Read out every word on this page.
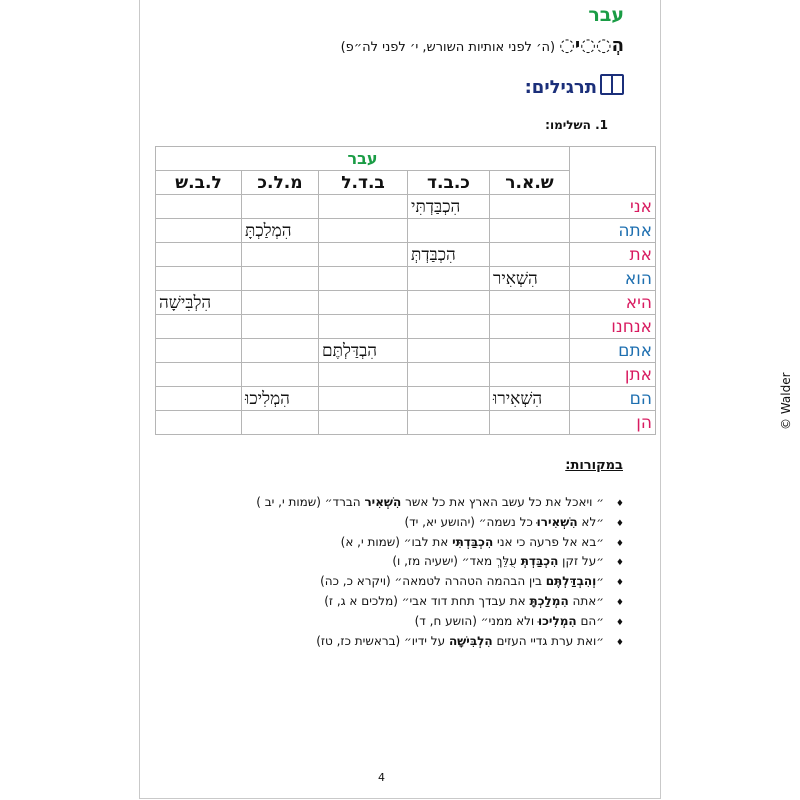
עבר
הְ◌◌י◌ (ה׳ לפני אותיות השורש, י׳ לפני לה״פ)
תרגילים:
1. השלימו:
	עבר				
	ש.א.ר	כ.ב.ד	ב.ד.ל	מ.ל.כ	ל.ב.ש
אני		הִכְבַּדְתִּי			
אתה				הִמְלַכְתָּ	
את		הִכְבַּדְתְּ			
הוא	הִשְׁאִיר				
היא					הִלְבִּישָׁה
אנחנו					
אתם			הִבְדַּלְתֶּם		
אתן					
הם	הִשְׁאִירוּ			הִמְלִיכוּ	
הן					
במקורות:
♦״ ויאכל את כל עשב הארץ את כל אשר הִשְׁאִיר הברד״ (שמות י, יב )
♦״לא הִשְׁאִירוּ כל נשמה״ (יהושע יא, יד)
♦״בא אל פרעה כי אני הִכְבַּדְתִּי את לבו״ (שמות י, א)
♦״על זקן הִכְבַּדְתְּ עֻלֵּךְ מאד״ (ישעיה מז, ו)
♦״וְהִבְדַּלְתֶּם בין הבהמה הטהרה לטמאה״ (ויקרא כ, כה)
♦״אתה הִמְלַכְתָּ את עבדך תחת דוד אבי״ (מלכים א ג, ז)
♦״הם הִמְלִיכוּ ולא ממני״ (הושע ח, ד)
♦״ואת ערת גדיי העזים הִלְבִּישָׁה על ידיו״ (בראשית כז, טז)
4
© Walder
